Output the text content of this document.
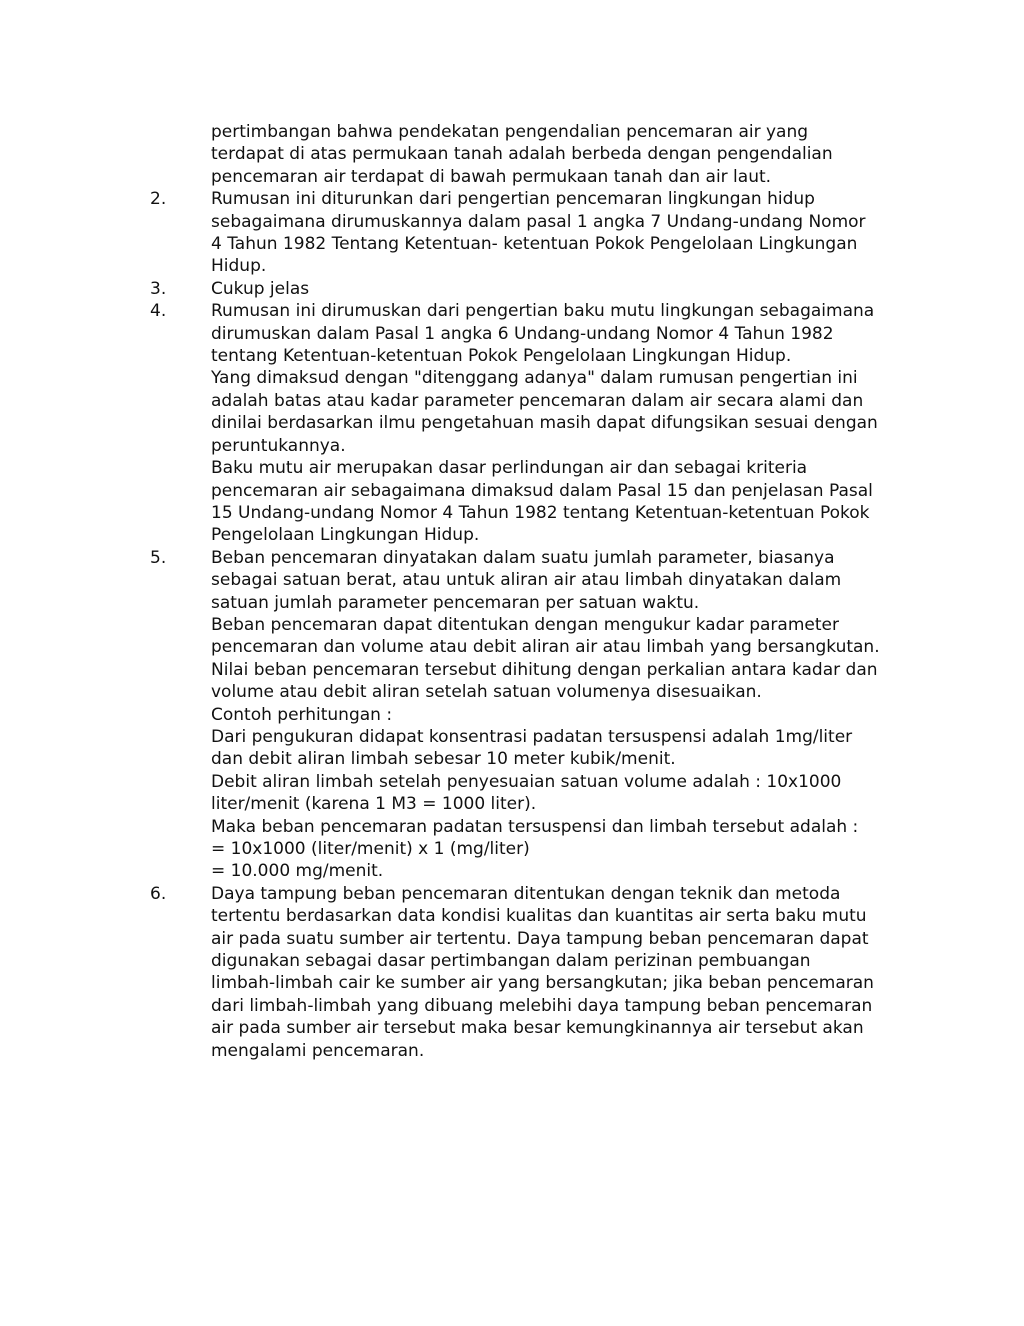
pertimbangan bahwa pendekatan pengendalian pencemaran air yang terdapat di atas permukaan tanah adalah berbeda dengan pengendalian pencemaran air terdapat di bawah permukaan tanah dan air laut.

2.	Rumusan ini diturunkan dari pengertian pencemaran lingkungan hidup sebagaimana dirumuskannya dalam pasal 1 angka 7 Undang-undang Nomor 4 Tahun 1982 Tentang Ketentuan- ketentuan Pokok Pengelolaan Lingkungan Hidup.

3.	Cukup jelas

4.	Rumusan ini dirumuskan dari pengertian baku mutu lingkungan sebagaimana dirumuskan dalam Pasal 1 angka 6 Undang-undang Nomor 4 Tahun 1982 tentang Ketentuan-ketentuan Pokok Pengelolaan Lingkungan Hidup.

Yang dimaksud dengan "ditenggang adanya" dalam rumusan pengertian ini adalah batas atau kadar parameter pencemaran dalam air secara alami dan dinilai berdasarkan ilmu pengetahuan masih dapat difungsikan sesuai dengan peruntukannya.

Baku mutu air merupakan dasar perlindungan air dan sebagai kriteria pencemaran air sebagaimana dimaksud dalam Pasal 15 dan penjelasan Pasal 15 Undang-undang Nomor 4 Tahun 1982 tentang Ketentuan-ketentuan Pokok Pengelolaan Lingkungan Hidup.

5.	Beban pencemaran dinyatakan dalam suatu jumlah parameter, biasanya sebagai satuan berat, atau untuk aliran air atau limbah dinyatakan dalam satuan jumlah parameter pencemaran per satuan waktu.

Beban pencemaran dapat ditentukan dengan mengukur kadar parameter pencemaran dan volume atau debit aliran air atau limbah yang bersangkutan. Nilai beban pencemaran tersebut dihitung dengan perkalian antara kadar dan volume atau debit aliran setelah satuan volumenya disesuaikan.

Contoh perhitungan :

Dari pengukuran didapat konsentrasi padatan tersuspensi adalah 1mg/liter dan debit aliran limbah sebesar 10 meter kubik/menit.

Debit aliran limbah setelah penyesuaian satuan volume adalah : 10x1000 liter/menit (karena 1 M3 = 1000 liter).

Maka beban pencemaran padatan tersuspensi dan limbah tersebut adalah :

= 10x1000 (liter/menit) x 1 (mg/liter)

= 10.000 mg/menit.

6.	Daya tampung beban pencemaran ditentukan dengan teknik dan metoda tertentu berdasarkan data kondisi kualitas dan kuantitas air serta baku mutu air pada suatu sumber air tertentu. Daya tampung beban pencemaran dapat digunakan sebagai dasar pertimbangan dalam perizinan pembuangan limbah-limbah cair ke sumber air yang bersangkutan; jika beban pencemaran dari limbah-limbah yang dibuang melebihi daya tampung beban pencemaran air pada sumber air tersebut maka besar kemungkinannya air tersebut akan mengalami pencemaran.
